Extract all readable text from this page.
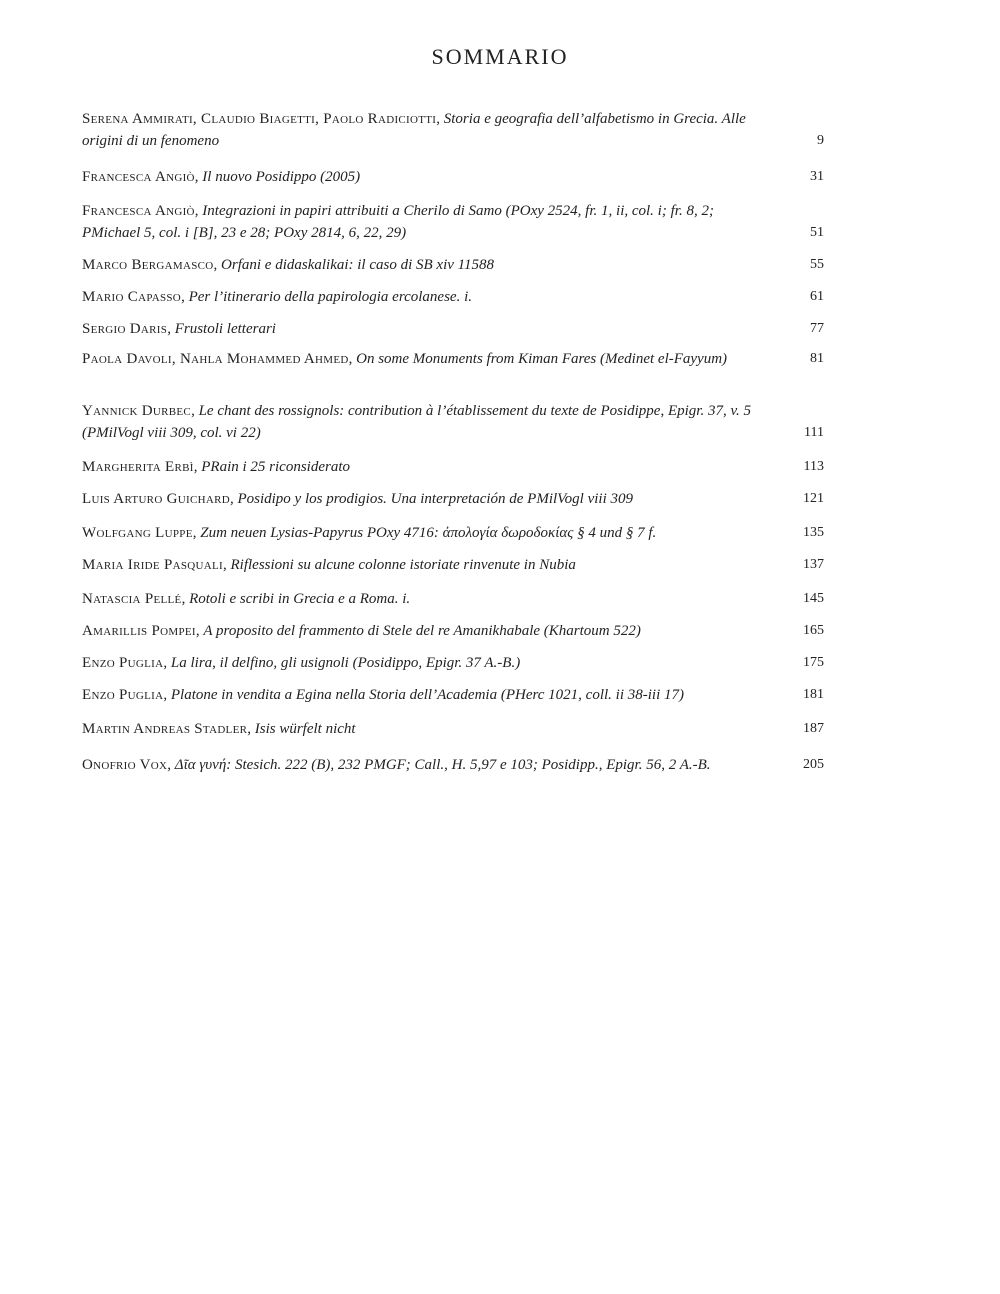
SOMMARIO
Serena Ammirati, Claudio Biagetti, Paolo Radiciotti, Storia e geografia dell’alfabetismo in Grecia. Alle origini di un fenomeno	9
Francesca Angiò, Il nuovo Posidippo (2005)	31
Francesca Angiò, Integrazioni in papiri attribuiti a Cherilo di Samo (POxy 2524, fr. 1, ii, col. i; fr. 8, 2; PMichael 5, col. i [B], 23 e 28; POxy 2814, 6, 22, 29)	51
Marco Bergamasco, Orfani e didaskalikai: il caso di SB xiv 11588	55
Mario Capasso, Per l’itinerario della papirologia ercolanese. i.	61
Sergio Daris, Frustoli letterari	77
Paola Davoli, Nahla Mohammed Ahmed, On some Monuments from Kiman Fares (Medinet el-Fayyum)	81
Yannick Durbec, Le chant des rossignols: contribution à l’établissement du texte de Posidippe, Epigr. 37, v. 5 (PMilVogl viii 309, col. vi 22)	111
Margherita Erbì, PRain i 25 riconsiderato	113
Luis Arturo Guichard, Posidipo y los prodigios. Una interpretación de PMilVogl viii 309	121
Wolfgang Luppe, Zum neuen Lysias-Papyrus POxy 4716: ἀπολογία δωροδοκίας § 4 und § 7 f.	135
Maria Iride Pasquali, Riflessioni su alcune colonne istoriate rinvenute in Nubia	137
Natascia Pellé, Rotoli e scribi in Grecia e a Roma. i.	145
Amarillis Pompei, A proposito del frammento di Stele del re Amanikhabale (Khartoum 522)	165
Enzo Puglia, La lira, il delfino, gli usignoli (Posidippo, Epigr. 37 A.-B.)	175
Enzo Puglia, Platone in vendita a Egina nella Storia dell’Academia (PHerc 1021, coll. ii 38-iii 17)	181
Martin Andreas Stadler, Isis würfelt nicht	187
Onofrio Vox, Δῖα γυνή: Stesich. 222 (B), 232 PMGF; Call., H. 5,97 e 103; Posidipp., Epigr. 56, 2 A.-B.	205
